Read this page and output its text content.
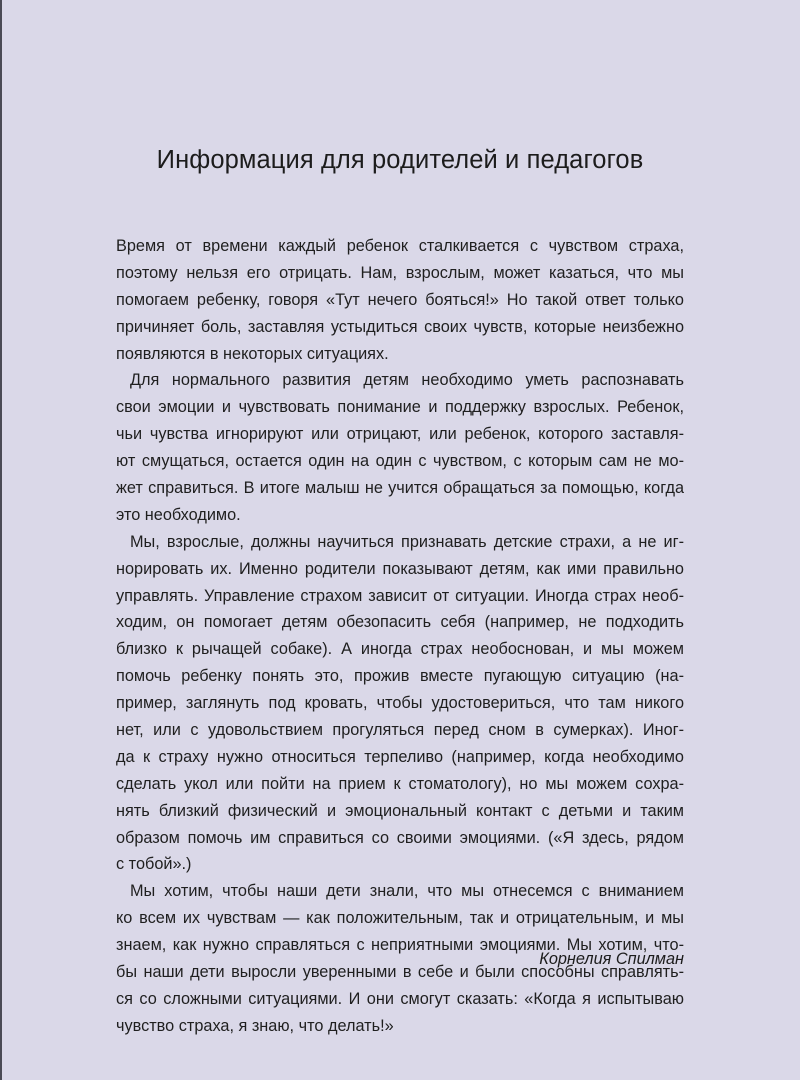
Информация для родителей и педагогов
Время от времени каждый ребенок сталкивается с чувством страха,
поэтому нельзя его отрицать. Нам, взрослым, может казаться, что мы
помогаем ребенку, говоря «Тут нечего бояться!» Но такой ответ только
причиняет боль, заставляя устыдиться своих чувств, которые неизбежно
появляются в некоторых ситуациях.
Для нормального развития детям необходимо уметь распознавать
свои эмоции и чувствовать понимание и поддержку взрослых. Ребенок,
чьи чувства игнорируют или отрицают, или ребенок, которого заставля-
ют смущаться, остается один на один с чувством, с которым сам не мо-
жет справиться. В итоге малыш не учится обращаться за помощью, когда
это необходимо.
Мы, взрослые, должны научиться признавать детские страхи, а не иг-
норировать их. Именно родители показывают детям, как ими правильно
управлять. Управление страхом зависит от ситуации. Иногда страх необ-
ходим, он помогает детям обезопасить себя (например, не подходить
близко к рычащей собаке). А иногда страх необоснован, и мы можем
помочь ребенку понять это, прожив вместе пугающую ситуацию (на-
пример, заглянуть под кровать, чтобы удостовериться, что там никого
нет, или с удовольствием прогуляться перед сном в сумерках). Иног-
да к страху нужно относиться терпеливо (например, когда необходимо
сделать укол или пойти на прием к стоматологу), но мы можем сохра-
нять близкий физический и эмоциональный контакт с детьми и таким
образом помочь им справиться со своими эмоциями. («Я здесь, рядом
с тобой».)
Мы хотим, чтобы наши дети знали, что мы отнесемся с вниманием
ко всем их чувствам — как положительным, так и отрицательным, и мы
знаем, как нужно справляться с неприятными эмоциями. Мы хотим, что-
бы наши дети выросли уверенными в себе и были способны справлять-
ся со сложными ситуациями. И они смогут сказать: «Когда я испытываю
чувство страха, я знаю, что делать!»
Корнелия Спилман
